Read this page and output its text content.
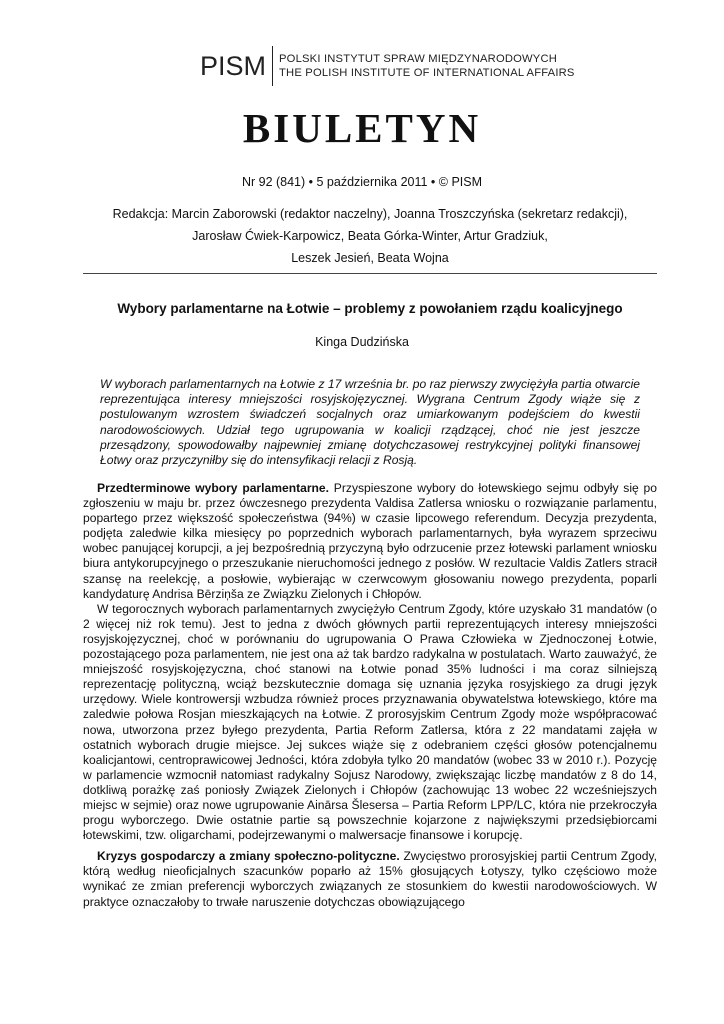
PISM	POLSKI INSTYTUT SPRAW MIĘDZYNARODOWYCH
THE POLISH INSTITUTE OF INTERNATIONAL AFFAIRS
BIULETYN
Nr 92 (841) • 5 października 2011 • © PISM
Redakcja: Marcin Zaborowski (redaktor naczelny), Joanna Troszczyńska (sekretarz redakcji),
Jarosław Ćwiek-Karpowicz, Beata Górka-Winter, Artur Gradziuk,
Leszek Jesień, Beata Wojna
Wybory parlamentarne na Łotwie – problemy z powołaniem rządu koalicyjnego
Kinga Dudzińska
W wyborach parlamentarnych na Łotwie z 17 września br. po raz pierwszy zwyciężyła partia otwarcie reprezentująca interesy mniejszości rosyjskojęzycznej. Wygrana Centrum Zgody wiąże się z postulowanym wzrostem świadczeń socjalnych oraz umiarkowanym podejściem do kwestii narodowościowych. Udział tego ugrupowania w koalicji rządzącej, choć nie jest jeszcze przesądzony, spowodowałby najpewniej zmianę dotychczasowej restrykcyjnej polityki finansowej Łotwy oraz przyczyniłby się do intensyfikacji relacji z Rosją.

Przedterminowe wybory parlamentarne. Przyspieszone wybory do łotewskiego sejmu odbyły się po zgłoszeniu w maju br. przez ówczesnego prezydenta Valdisa Zatlersa wniosku o rozwiązanie parlamentu, popartego przez większość społeczeństwa (94%) w czasie lipcowego referendum. Decyzja prezydenta, podjęta zaledwie kilka miesięcy po poprzednich wyborach parlamentarnych, była wyrazem sprzeciwu wobec panującej korupcji, a jej bezpośrednią przyczyną było odrzucenie przez łotewski parlament wniosku biura antykorupcyjnego o przeszukanie nieruchomości jednego z posłów. W rezultacie Valdis Zatlers stracił szansę na reelekcję, a posłowie, wybierając w czerwcowym głosowaniu nowego prezydenta, poparli kandydaturę Andrisa Bērziņša ze Związku Zielonych i Chłopów.

W tegorocznych wyborach parlamentarnych zwyciężyło Centrum Zgody, które uzyskało 31 mandatów (o 2 więcej niż rok temu). Jest to jedna z dwóch głównych partii reprezentujących interesy mniejszości rosyjskojęzycznej, choć w porównaniu do ugrupowania O Prawa Człowieka w Zjednoczonej Łotwie, pozostającego poza parlamentem, nie jest ona aż tak bardzo radykalna w postulatach. Warto zauważyć, że mniejszość rosyjskojęzyczna, choć stanowi na Łotwie ponad 35% ludności i ma coraz silniejszą reprezentację polityczną, wciąż bezskutecznie domaga się uznania języka rosyjskiego za drugi język urzędowy. Wiele kontrowersji wzbudza również proces przyznawania obywatelstwa łotewskiego, które ma zaledwie połowa Rosjan mieszkających na Łotwie. Z prorosyjskim Centrum Zgody może współpracować nowa, utworzona przez byłego prezydenta, Partia Reform Zatlersa, która z 22 mandatami zajęła w ostatnich wyborach drugie miejsce. Jej sukces wiąże się z odebraniem części głosów potencjalnemu koalicjantowi, centroprawicowej Jedności, która zdobyła tylko 20 mandatów (wobec 33 w 2010 r.). Pozycję w parlamencie wzmocnił natomiast radykalny Sojusz Narodowy, zwiększając liczbę mandatów z 8 do 14, dotkliwą porażkę zaś poniosły Związek Zielonych i Chłopów (zachowując 13 wobec 22 wcześniejszych miejsc w sejmie) oraz nowe ugrupowanie Ainārsa Šlesersa – Partia Reform LPP/LC, która nie przekroczyła progu wyborczego. Dwie ostatnie partie są powszechnie kojarzone z największymi przedsiębiorcami łotewskimi, tzw. oligarchami, podejrzewanymi o malwersacje finansowe i korupcję.

Kryzys gospodarczy a zmiany społeczno-polityczne. Zwycięstwo prorosyjskiej partii Centrum Zgody, którą według nieoficjalnych szacunków poparło aż 15% głosujących Łotyszy, tylko częściowo może wynikać ze zmian preferencji wyborczych związanych ze stosunkiem do kwestii narodowościowych. W praktyce oznaczałoby to trwałe naruszenie dotychczas obowiązującego
